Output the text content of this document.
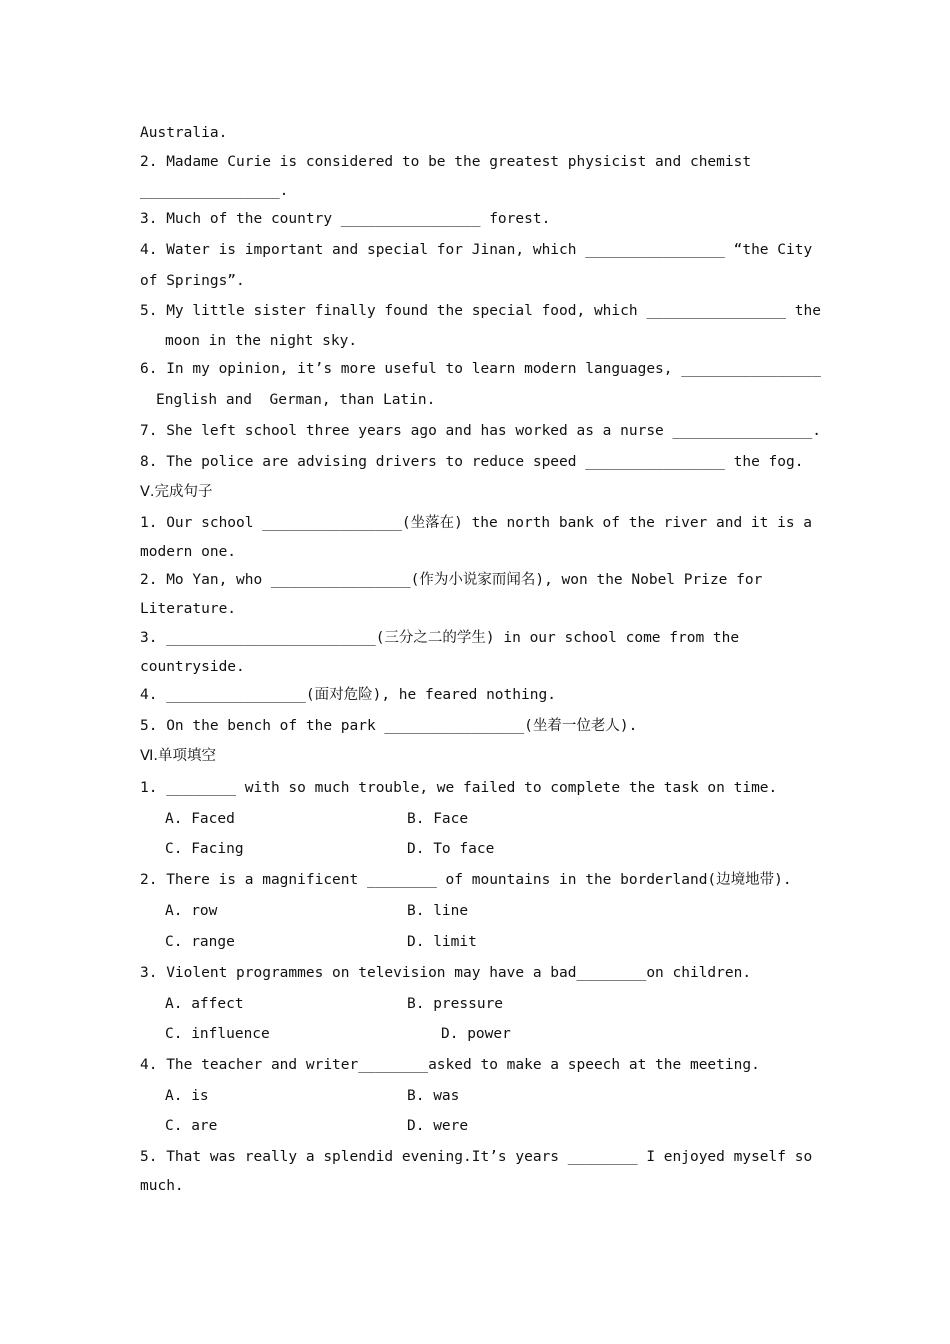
Australia.
2. Madame Curie is considered to be the greatest physicist and chemist
________________.
3. Much of the country ________________ forest.
4. Water is important and special for Jinan, which ________________ “the City
of Springs”.
5. My little sister finally found the special food, which ________________ the
moon in the night sky.
6. In my opinion, it’s more useful to learn modern languages, ________________
English and  German, than Latin.
7. She left school three years ago and has worked as a nurse ________________.
8. The police are advising drivers to reduce speed ________________ the fog.
Ⅴ.完成句子
1. Our school ________________(坐落在) the north bank of the river and it is a
modern one.
2. Mo Yan, who ________________(作为小说家而闻名), won the Nobel Prize for
Literature.
3. ________________________(三分之二的学生) in our school come from the
countryside.
4. ________________(面对危险), he feared nothing.
5. On the bench of the park ________________(坐着一位老人).
Ⅵ.单项填空
1. ________ with so much trouble, we failed to complete the task on time.
A. Faced	B. Face
C. Facing	D. To face
2. There is a magnificent ________ of mountains in the borderland(边境地带).
A. row	B. line
C. range	D. limit
3. Violent programmes on television may have a bad________on children.
A. affect	B. pressure
C. influence	D. power
4. The teacher and writer________asked to make a speech at the meeting.
A. is	B. was
C. are	D. were
5. That was really a splendid evening.It’s years ________ I enjoyed myself so
much.
